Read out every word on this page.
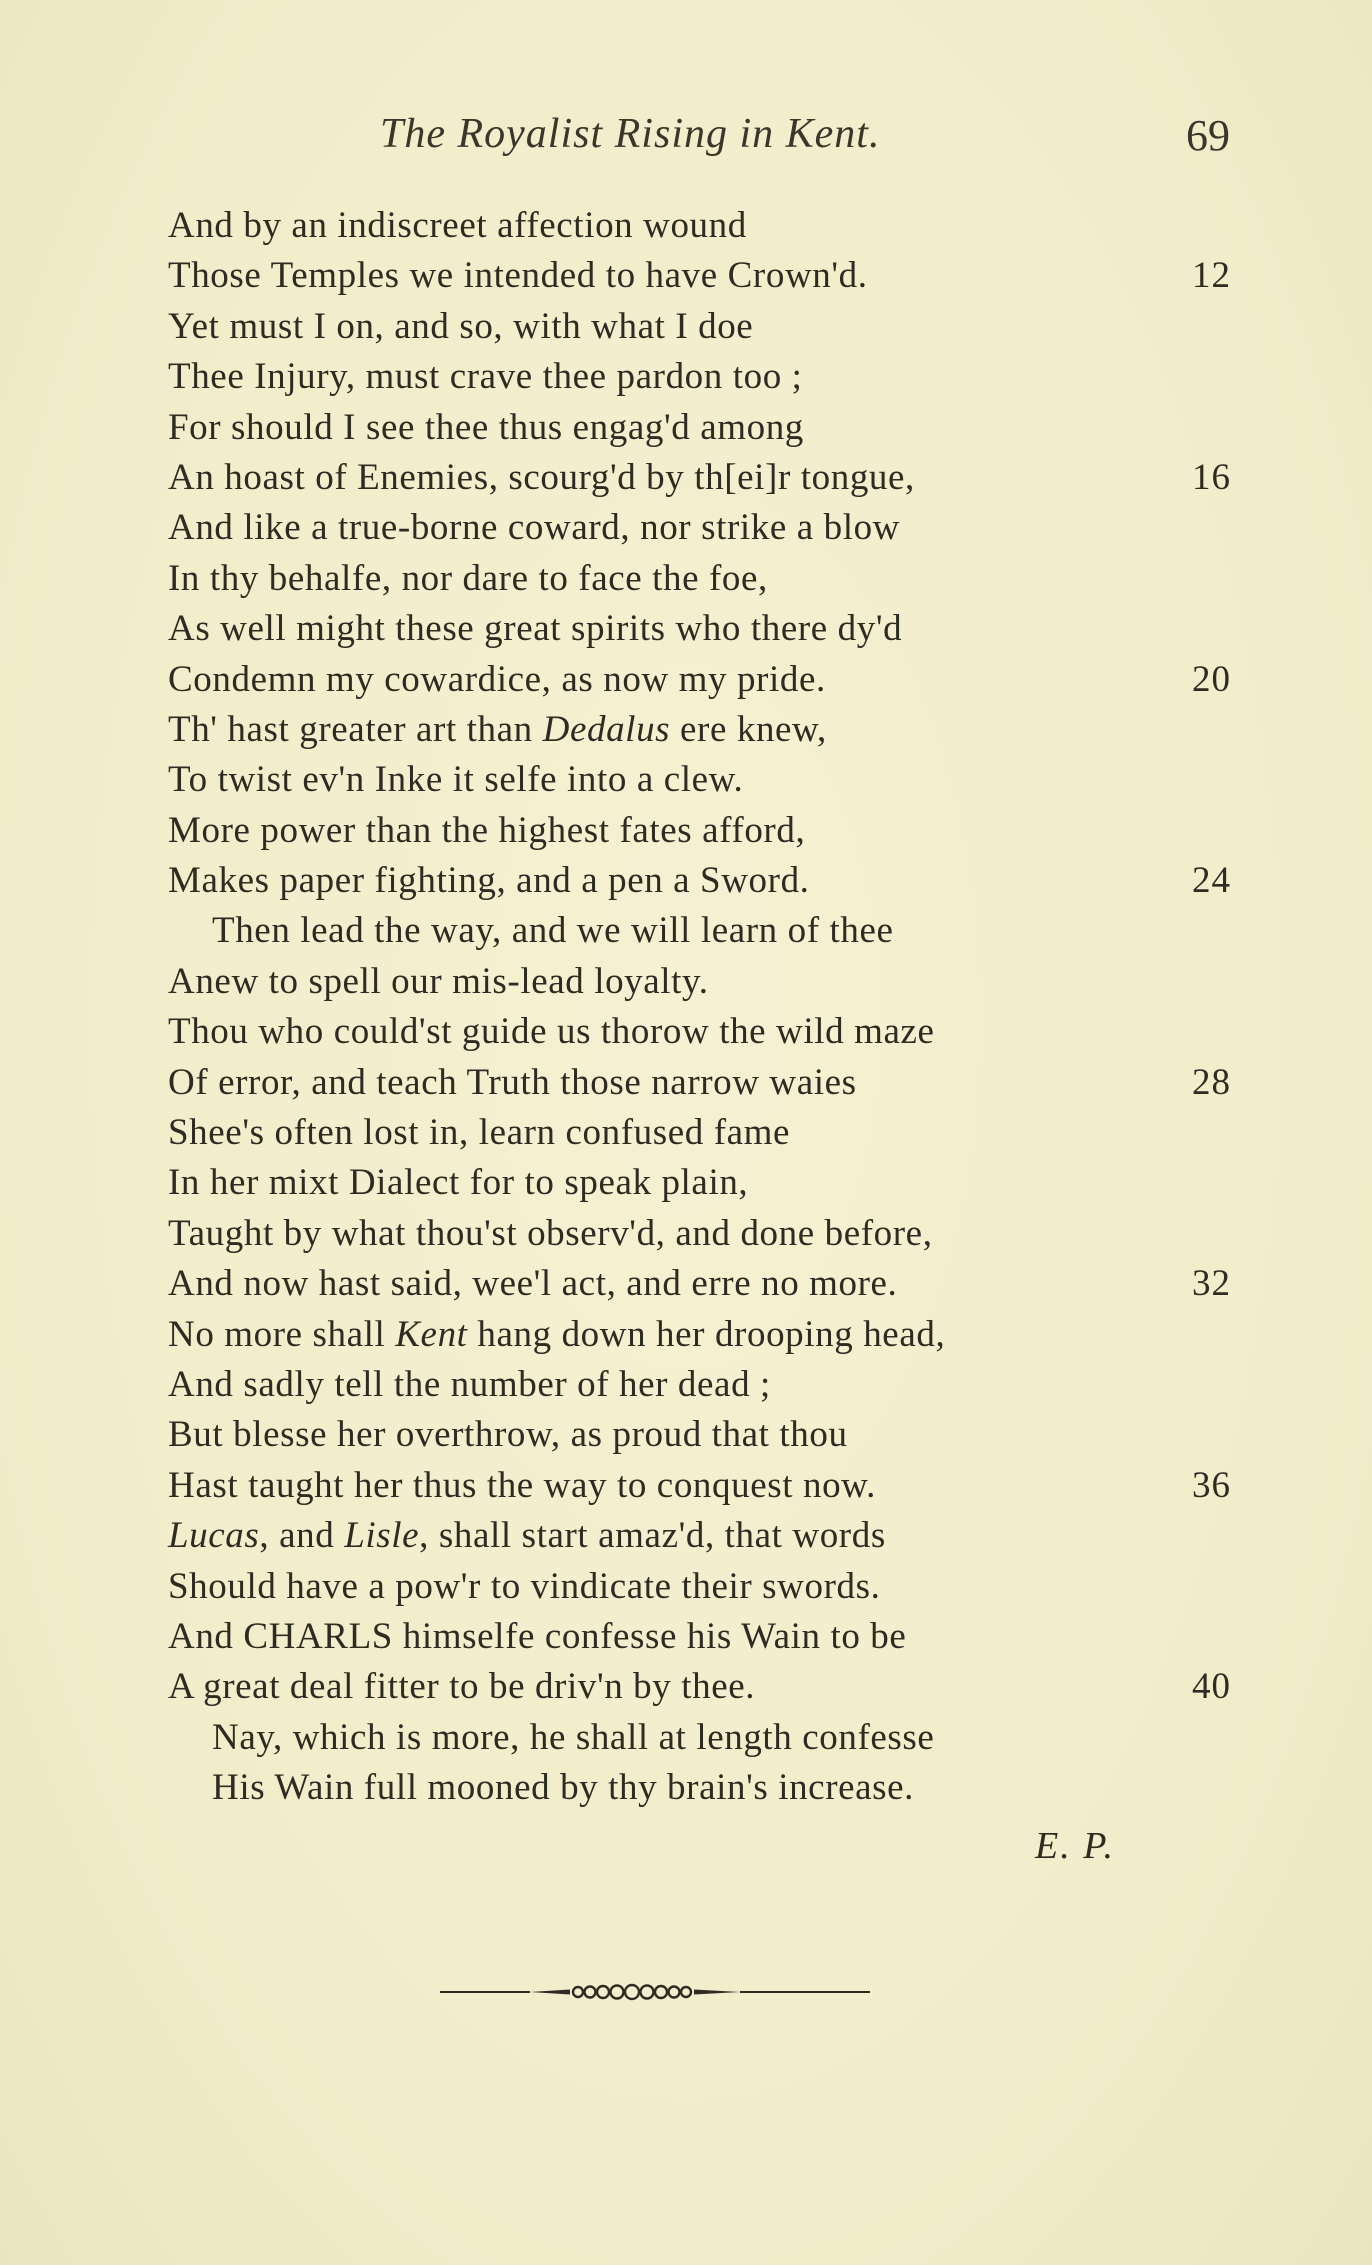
The Royalist Rising in Kent.	69
And by an indiscreet affection wound
Those Temples we intended to have Crown'd.	12
Yet must I on, and so, with what I doe
Thee Injury, must crave thee pardon too ;
For should I see thee thus engag'd among
An hoast of Enemies, scourg'd by th[ei]r tongue,	16
And like a true-borne coward, nor strike a blow
In thy behalfe, nor dare to face the foe,
As well might these great spirits who there dy'd
Condemn my cowardice, as now my pride.	20
Th' hast greater art than Dedalus ere knew,
To twist ev'n Inke it selfe into a clew.
More power than the highest fates afford,
Makes paper fighting, and a pen a Sword.	24
Then lead the way, and we will learn of thee
Anew to spell our mis-lead loyalty.
Thou who could'st guide us thorow the wild maze
Of error, and teach Truth those narrow waies	28
Shee's often lost in, learn confused fame
In her mixt Dialect for to speak plain,
Taught by what thou'st observ'd, and done before,
And now hast said, wee'l act, and erre no more.	32
No more shall Kent hang down her drooping head,
And sadly tell the number of her dead ;
But blesse her overthrow, as proud that thou
Hast taught her thus the way to conquest now.	36
Lucas, and Lisle, shall start amaz'd, that words
Should have a pow'r to vindicate their swords.
And CHARLS himselfe confesse his Wain to be
A great deal fitter to be driv'n by thee.	40
Nay, which is more, he shall at length confesse
His Wain full mooned by thy brain's increase.
E. P.
